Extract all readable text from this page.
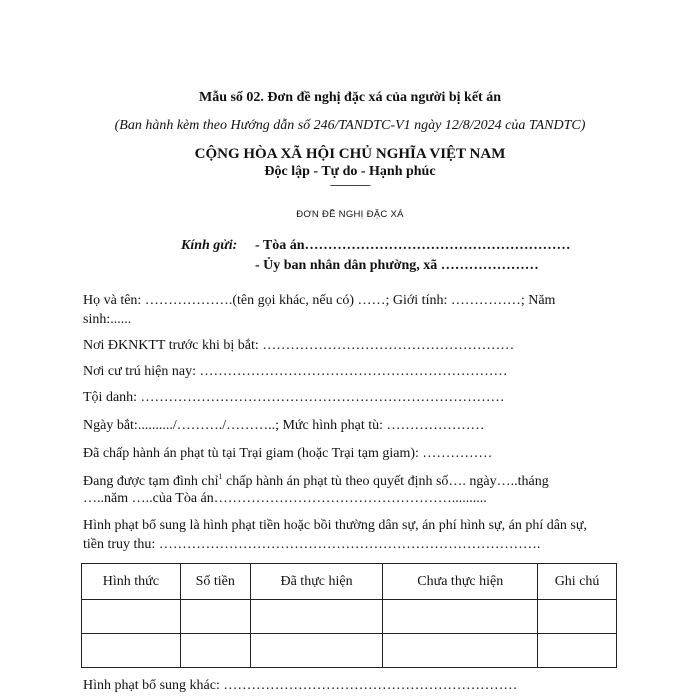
Mẫu số 02. Đơn đề nghị đặc xá của người bị kết án
(Ban hành kèm theo Hướng dẫn số 246/TANDTC-V1 ngày 12/8/2024 của TANDTC)
CỘNG HÒA XÃ HỘI CHỦ NGHĨA VIỆT NAM
Độc lập - Tự do - Hạnh phúc
---------------
ĐƠN ĐỀ NGHỊ ĐẶC XÁ
Kính gửi: - Tòa án…………………………………………………
- Ủy ban nhân dân phường, xã …………………
Họ và tên: ……………….(tên gọi khác, nếu có) ……; Giới tính: ……………; Năm
sinh:......
Nơi ĐKNKTT trước khi bị bắt: ………………………………………………
Nơi cư trú hiện nay: …………………………………………………………
Tội danh: ……………………………………………………………………
Ngày bắt:........../………./………..; Mức hình phạt tù: …………………
Đã chấp hành án phạt tù tại Trại giam (hoặc Trại tạm giam): ……………
Đang được tạm đình chỉ$^1$ chấp hành án phạt tù theo quyết định số…. ngày…..tháng
…..năm …..của Tòa án……………………………………………..........
Hình phạt bổ sung là hình phạt tiền hoặc bồi thường dân sự, án phí hình sự, án phí dân sự,
tiền truy thu: ……………………………………………………………………….
Hình thức	Số tiền	Đã thực hiện	Chưa thực hiện	Ghi chú

Hình phạt bổ sung khác: ………………………………………………………
